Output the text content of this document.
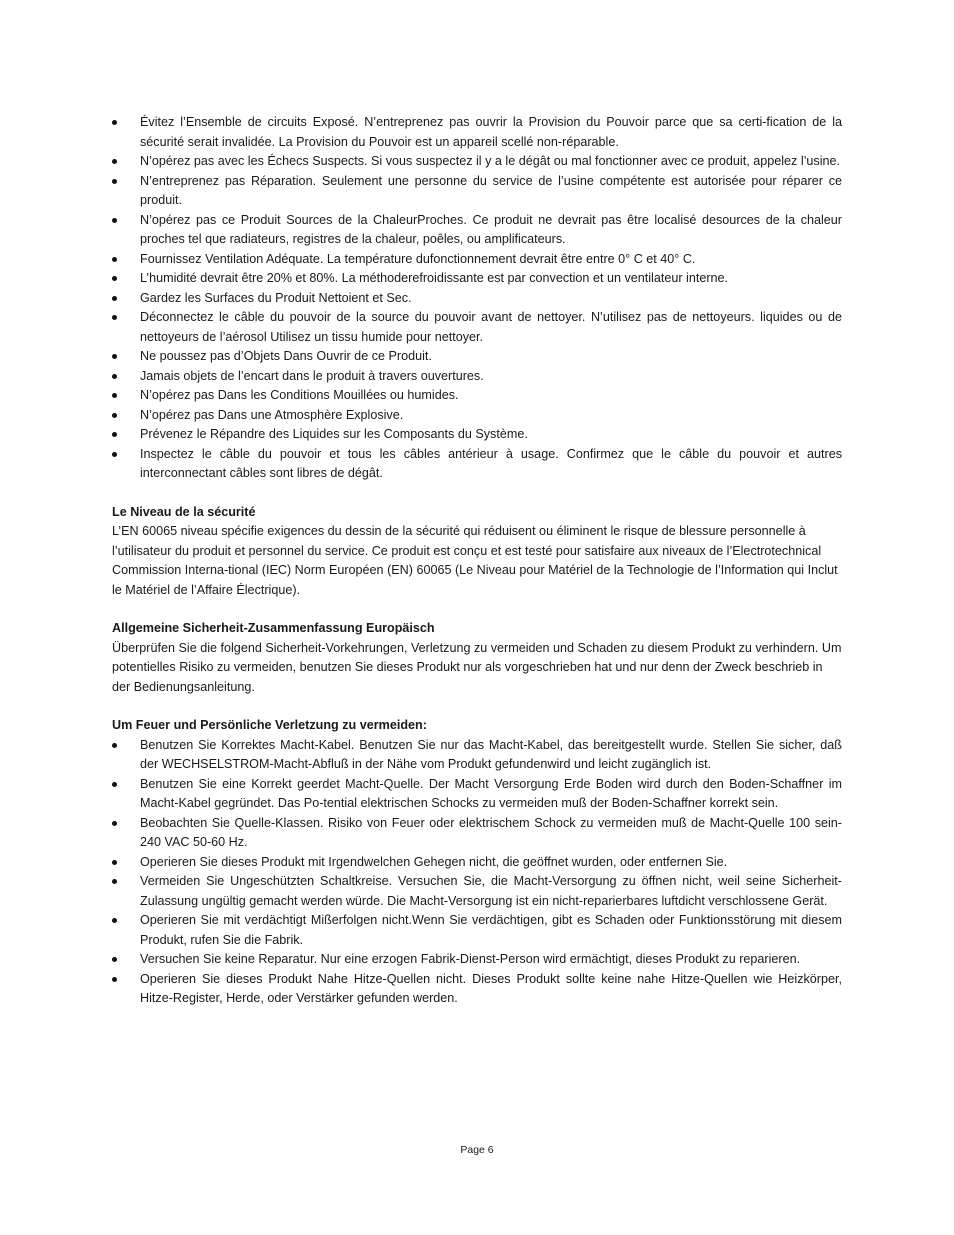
Évitez l’Ensemble de circuits Exposé. N’entreprenez pas ouvrir la Provision du Pouvoir parce que sa certi-fication de la sécurité serait invalidée. La Provision du Pouvoir est un appareil scellé non-réparable.
N’opérez pas avec les Échecs Suspects. Si vous suspectez il y a le dégât ou mal fonctionner avec ce produit, appelez l’usine.
N’entreprenez pas Réparation. Seulement une personne du service de l’usine compétente est autorisée pour réparer ce produit.
N’opérez pas ce Produit Sources de la ChaleurProches. Ce produit ne devrait pas être localisé desources de la chaleur proches tel que radiateurs, registres de la chaleur, poêles, ou amplificateurs.
Fournissez Ventilation Adéquate. La température dufonctionnement devrait être entre 0° C et 40° C.
L’humidité devrait être 20% et 80%. La méthoderefroidissante est par convection et un ventilateur interne.
Gardez les Surfaces du Produit Nettoient et Sec.
Déconnectez le câble du pouvoir de la source du pouvoir avant de nettoyer. N’utilisez pas de nettoyeurs. liquides ou de nettoyeurs de l’aérosol Utilisez un tissu humide pour nettoyer.
Ne poussez pas d’Objets Dans Ouvrir de ce Produit.
Jamais objets de l’encart dans le produit à travers ouvertures.
N’opérez pas Dans les Conditions Mouillées ou humides.
N’opérez pas Dans une Atmosphère Explosive.
Prévenez le Répandre des Liquides sur les Composants du Système.
Inspectez le câble du pouvoir et tous les câbles antérieur à usage. Confirmez que le câble du pouvoir et autres interconnectant câbles sont libres de dégât.
Le Niveau de la sécurité
L’EN 60065 niveau spécifie exigences du dessin de la sécurité qui réduisent ou éliminent le risque de blessure personnelle à l’utilisateur du produit et personnel du service. Ce produit est conçu et est testé pour satisfaire aux niveaux de l’Electrotechnical Commission Interna-tional (IEC) Norm Européen (EN) 60065 (Le Niveau pour Matériel de la Technologie de l’Information qui Inclut le Matériel de l’Affaire Électrique).
Allgemeine Sicherheit-Zusammenfassung Europäisch
Überprüfen Sie die folgend Sicherheit-Vorkehrungen, Verletzung zu vermeiden und Schaden zu diesem Produkt zu verhindern. Um potentielles Risiko zu vermeiden, benutzen Sie dieses Produkt nur als vorgeschrieben hat und nur denn der Zweck beschrieb in der Bedienungsanleitung.
Um Feuer und Persönliche Verletzung zu vermeiden:
Benutzen Sie Korrektes Macht-Kabel. Benutzen Sie nur das Macht-Kabel, das bereitgestellt wurde. Stellen Sie sicher, daß der WECHSELSTROM-Macht-Abfluß in der Nähe vom Produkt gefundenwird und leicht zugänglich ist.
Benutzen Sie eine Korrekt geerdet Macht-Quelle. Der Macht Versorgung Erde Boden wird durch den Boden-Schaffner im Macht-Kabel gegründet. Das Po-tential elektrischen Schocks zu vermeiden muß der Boden-Schaffner korrekt sein.
Beobachten Sie Quelle-Klassen. Risiko von Feuer oder elektrischem Schock zu vermeiden muß de Macht-Quelle 100 sein-240 VAC 50-60 Hz.
Operieren Sie dieses Produkt mit Irgendwelchen Gehegen nicht, die geöffnet wurden, oder entfernen Sie.
Vermeiden Sie Ungeschützten Schaltkreise. Versuchen Sie, die Macht-Versorgung zu öffnen nicht, weil seine Sicherheit-Zulassung ungültig gemacht werden würde. Die Macht-Versorgung ist ein nicht-reparierbares luftdicht verschlossene Gerät.
Operieren Sie mit verdächtigt Mißerfolgen nicht.Wenn Sie verdächtigen, gibt es Schaden oder Funktionsstörung mit diesem Produkt, rufen Sie die Fabrik.
Versuchen Sie keine Reparatur. Nur eine erzogen Fabrik-Dienst-Person wird ermächtigt, dieses Produkt zu reparieren.
Operieren Sie dieses Produkt Nahe Hitze-Quellen nicht. Dieses Produkt sollte keine nahe Hitze-Quellen wie Heizkörper, Hitze-Register, Herde, oder Verstärker gefunden werden.
Page 6
